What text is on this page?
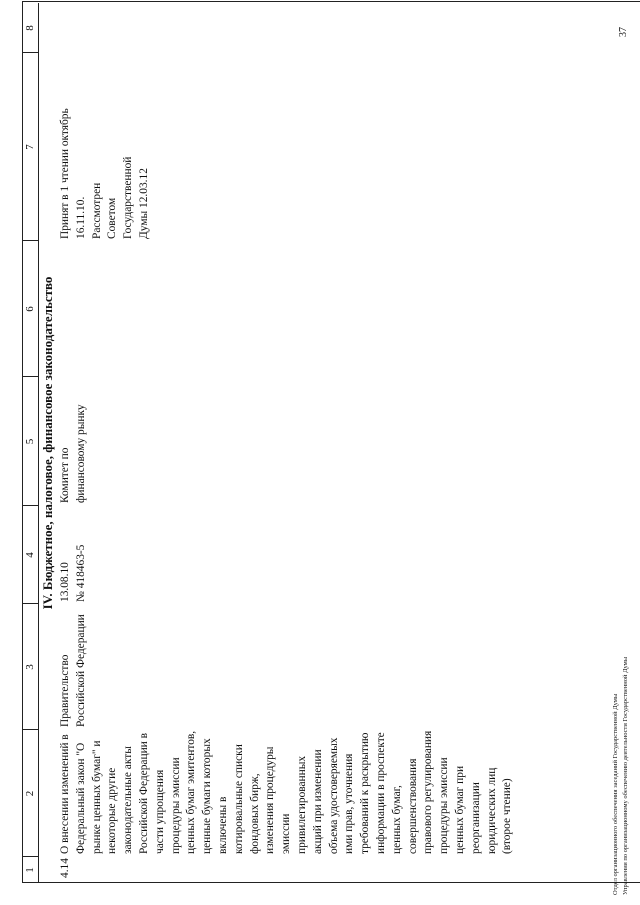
1
2
3
4
5
6
7
8
IV. Бюджетное, налоговое, финансовое законодательство
4.14
О внесении изменений в
Федеральный закон "О
рынке ценных бумаг" и
некоторые другие
законодательные акты
Российской Федерации в
части упрощения
процедуры эмиссии
ценных бумаг эмитентов,
ценные бумаги которых
включены в
котировальные списки
фондовых бирж,
изменения процедуры
эмиссии
привилегированных
акций при изменении
объема удостоверяемых
ими прав, уточнения
требований к раскрытию
информации в проспекте
ценных бумаг,
совершенствования
правового регулирования
процедуры эмиссии
ценных бумаг при
реорганизации
юридических лиц
(второе чтение)
Правительство
Российской Федерации
13.08.10 № 418463-5
Комитет по
финансовому рынку
Принят в 1 чтении октябрь
16.11.10.
Рассмотрен
Советом
Государственной
Думы 12.03.12
37
Отдел организационного обеспечения заседаний Государственной Думы Управления по организационному обеспечению деятельности Государственной Думы
